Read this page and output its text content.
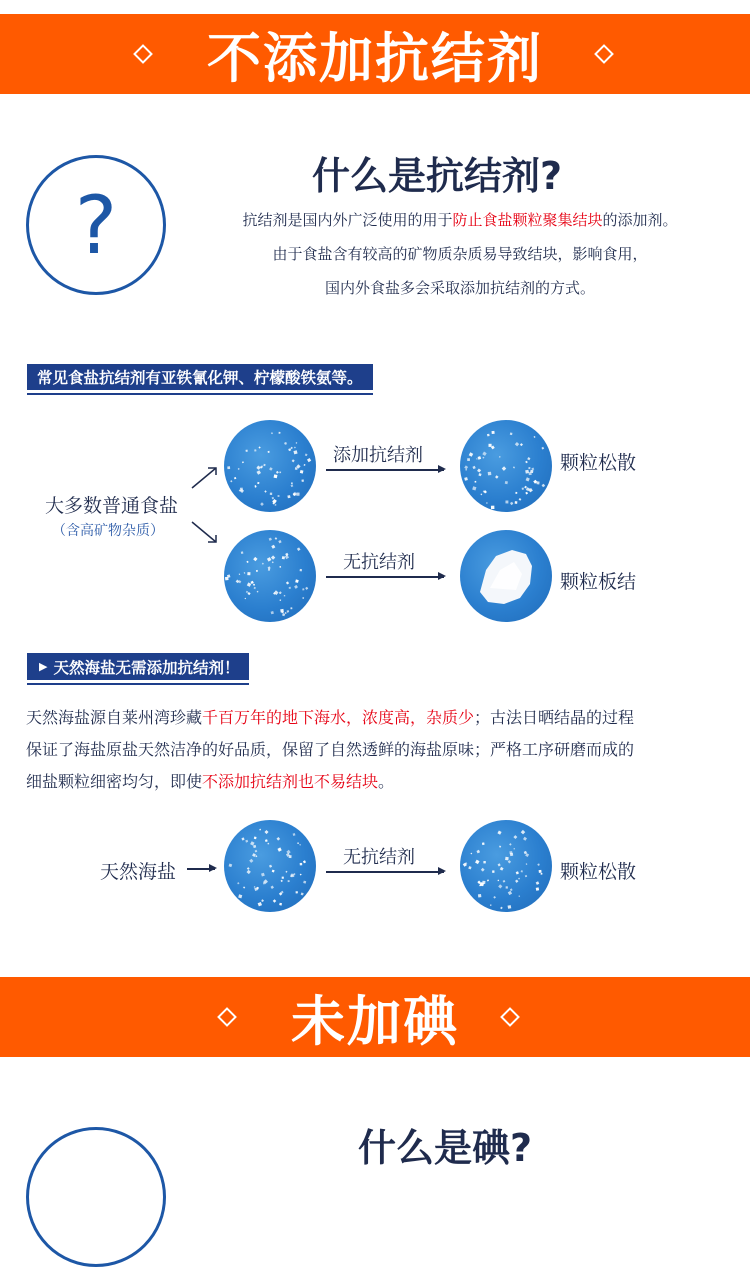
不添加抗结剂
?
什么是抗结剂?
抗结剂是国内外广泛使用的用于防止食盐颗粒聚集结块的添加剂。
由于食盐含有较高的矿物质杂质易导致结块，影响食用，
国内外食盐多会采取添加抗结剂的方式。
常见食盐抗结剂有亚铁氰化钾、柠檬酸铁氨等。
大多数普通食盐
（含高矿物杂质）
添加抗结剂	颗粒松散
无抗结剂
颗粒板结
▶ 天然海盐无需添加抗结剂！
天然海盐源自莱州湾珍藏千百万年的地下海水，浓度高，杂质少；古法日晒结晶的过程
保证了海盐原盐天然洁净的好品质，保留了自然透鲜的海盐原味；严格工序研磨而成的
细盐颗粒细密均匀，即使不添加抗结剂也不易结块。
天然海盐
无抗结剂
颗粒松散
未加碘
什么是碘?
